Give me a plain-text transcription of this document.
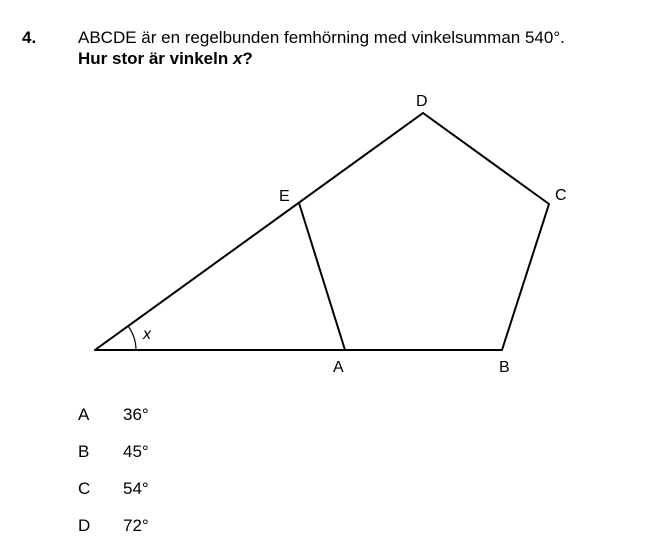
4. ABCDE är en regelbunden femhörning med vinkelsumman 540°.
Hur stor är vinkeln x?
D
C
E
A	B
x
A	36°
B	45°
C	54°
D	72°
